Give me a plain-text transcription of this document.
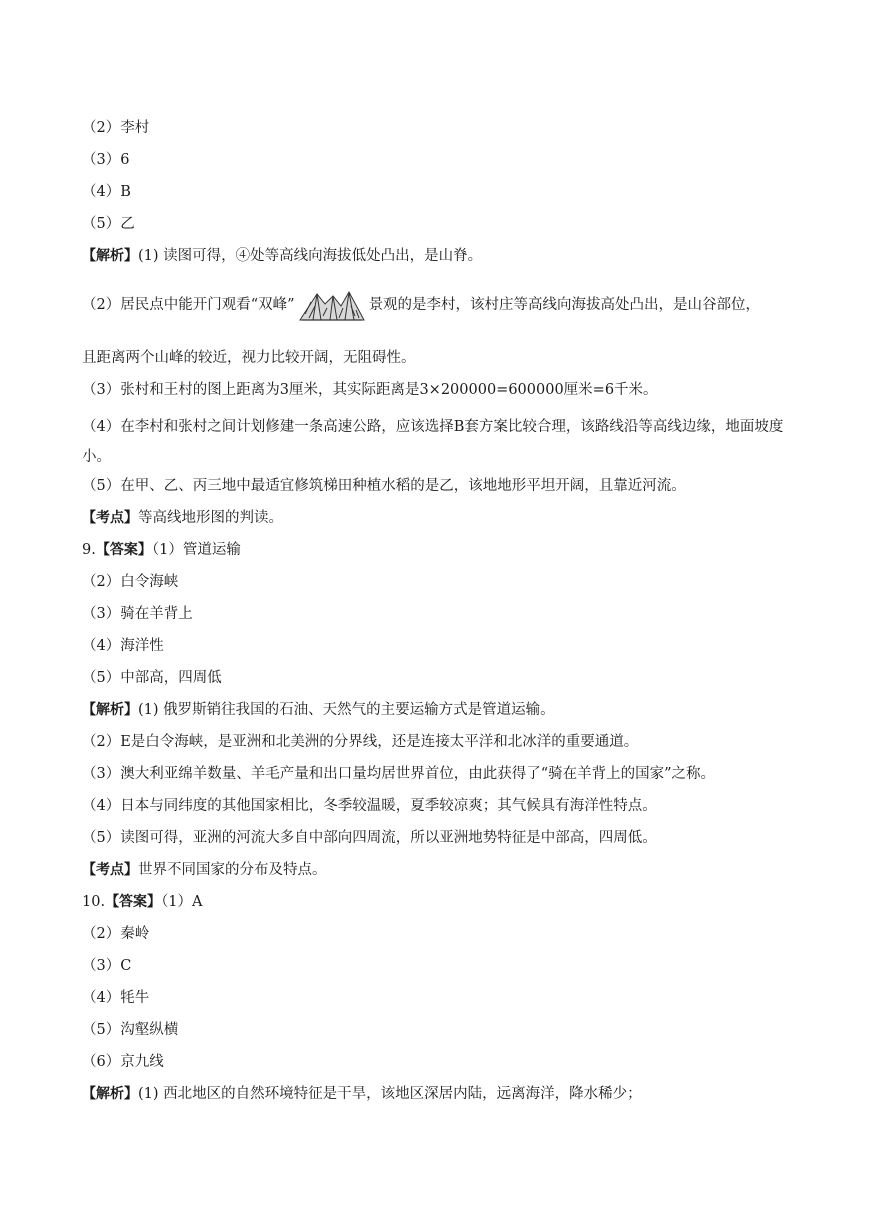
（2）李村
（3）6
（4）B
（5）乙
【解析】(1) 读图可得，④处等高线向海拔低处凸出，是山脊。
（2）居民点中能开门观看“双峰”	景观的是李村，该村庄等高线向海拔高处凸出，是山谷部位，
且距离两个山峰的较近，视力比较开阔，无阻碍性。
（3）张村和王村的图上距离为3厘米，其实际距离是3×200000=600000厘米=6千米。
（4）在李村和张村之间计划修建一条高速公路，应该选择B套方案比较合理，该路线沿等高线边缘，地面坡度小。
（5）在甲、乙、丙三地中最适宜修筑梯田种植水稻的是乙，该地地形平坦开阔，且靠近河流。
【考点】等高线地形图的判读。
9.【答案】（1）管道运输
（2）白令海峡
（3）骑在羊背上
（4）海洋性
（5）中部高，四周低
【解析】(1) 俄罗斯销往我国的石油、天然气的主要运输方式是管道运输。
（2）E是白令海峡，是亚洲和北美洲的分界线，还是连接太平洋和北冰洋的重要通道。
（3）澳大利亚绵羊数量、羊毛产量和出口量均居世界首位，由此获得了“骑在羊背上的国家”之称。
（4）日本与同纬度的其他国家相比，冬季较温暖，夏季较凉爽；其气候具有海洋性特点。
（5）读图可得，亚洲的河流大多自中部向四周流，所以亚洲地势特征是中部高，四周低。
【考点】世界不同国家的分布及特点。
10.【答案】（1）A
（2）秦岭
（3）C
（4）牦牛
（5）沟壑纵横
（6）京九线
【解析】(1) 西北地区的自然环境特征是干旱，该地区深居内陆，远离海洋，降水稀少；
